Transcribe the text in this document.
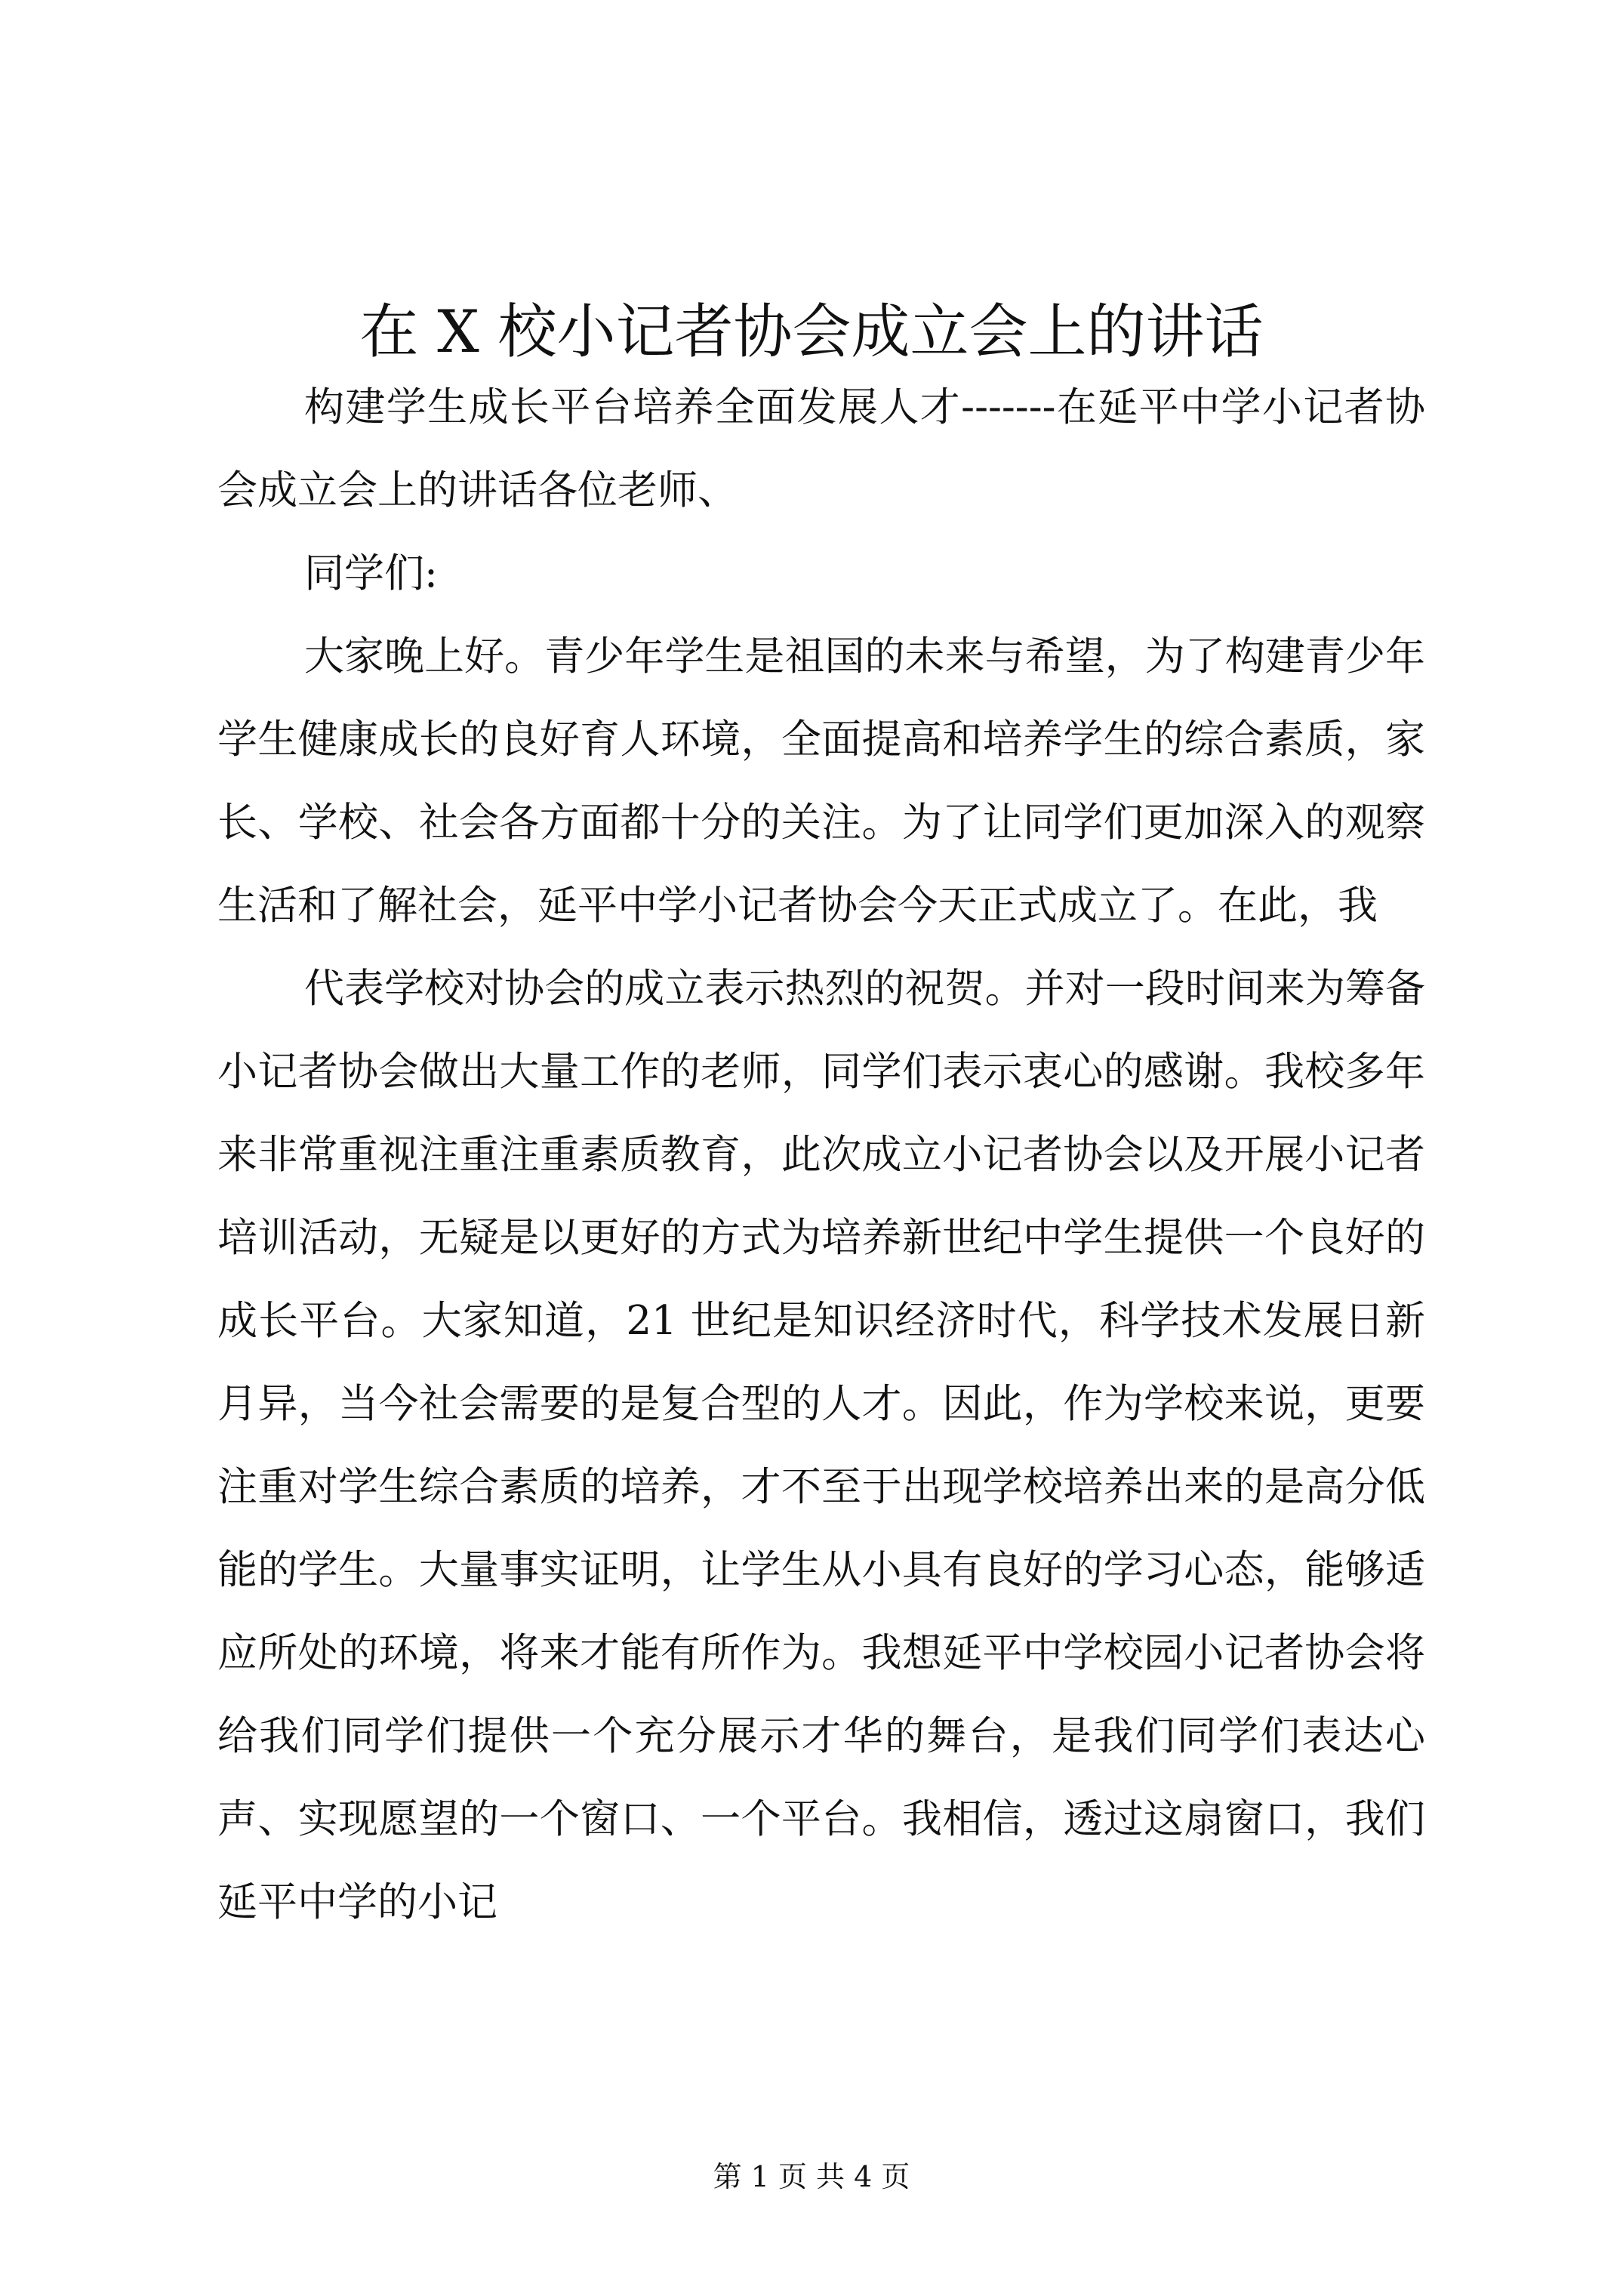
在 X 校小记者协会成立会上的讲话

构建学生成长平台培养全面发展人才-------在延平中学小记者协会成立会上的讲话各位老师、

同学们:

大家晚上好。青少年学生是祖国的未来与希望，为了构建青少年学生健康成长的良好育人环境，全面提高和培养学生的综合素质，家长、学校、社会各方面都十分的关注。为了让同学们更加深入的观察生活和了解社会，延平中学小记者协会今天正式成立了。在此，我

代表学校对协会的成立表示热烈的祝贺。并对一段时间来为筹备小记者协会做出大量工作的老师，同学们表示衷心的感谢。我校多年来非常重视注重注重素质教育，此次成立小记者协会以及开展小记者培训活动，无疑是以更好的方式为培养新世纪中学生提供一个良好的成长平台。大家知道，21 世纪是知识经济时代，科学技术发展日新月异，当今社会需要的是复合型的人才。因此，作为学校来说，更要注重对学生综合素质的培养，才不至于出现学校培养出来的是高分低能的学生。大量事实证明，让学生从小具有良好的学习心态，能够适应所处的环境，将来才能有所作为。我想延平中学校园小记者协会将给我们同学们提供一个充分展示才华的舞台，是我们同学们表达心声、实现愿望的一个窗口、一个平台。我相信，透过这扇窗口，我们延平中学的小记

第 1 页 共 4 页
